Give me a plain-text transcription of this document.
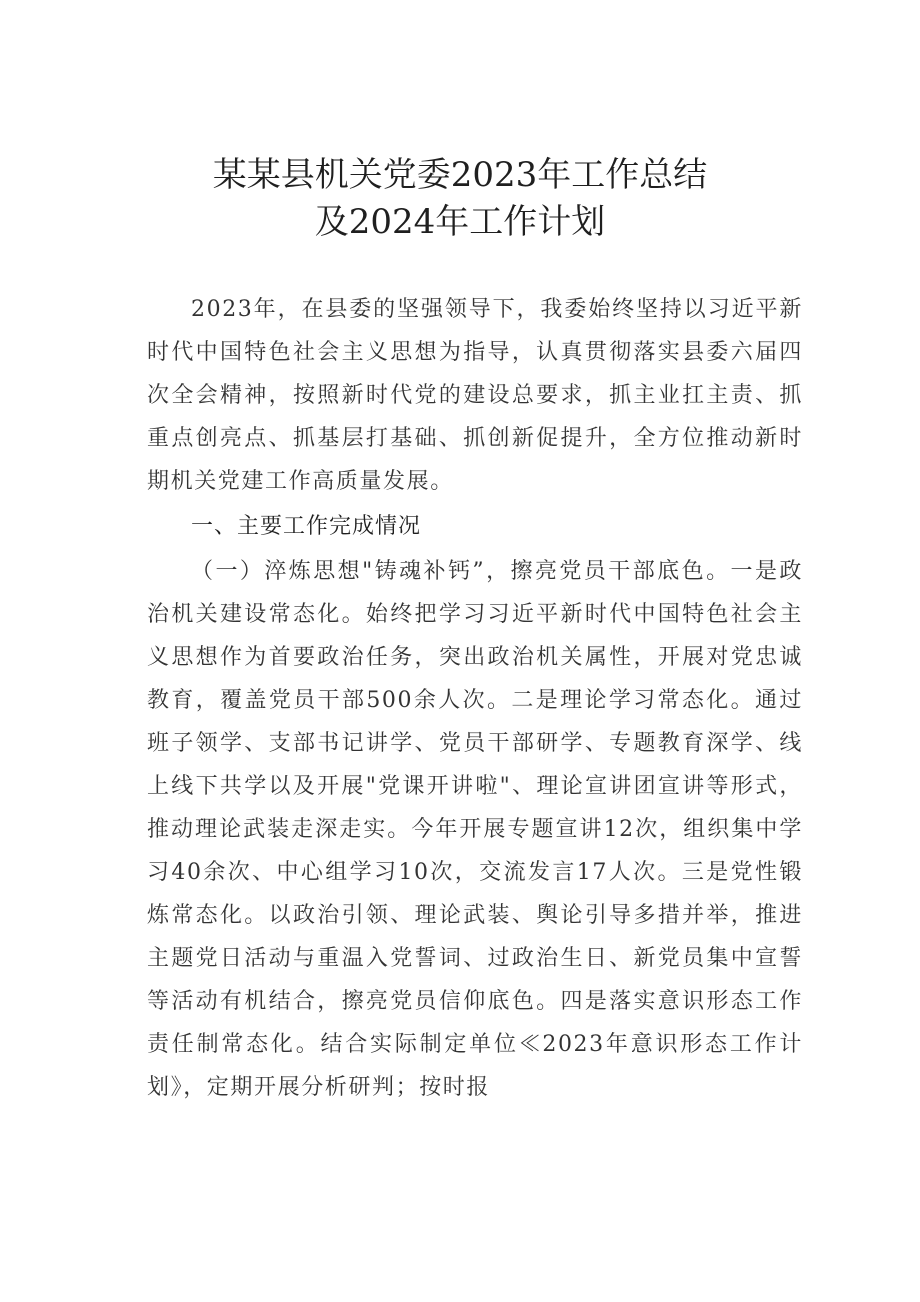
某某县机关党委2023年工作总结
及2024年工作计划

2023年，在县委的坚强领导下，我委始终坚持以习近平新时代中国特色社会主义思想为指导，认真贯彻落实县委六届四次全会精神，按照新时代党的建设总要求，抓主业扛主责、抓重点创亮点、抓基层打基础、抓创新促提升，全方位推动新时期机关党建工作高质量发展。

一、主要工作完成情况

（一）淬炼思想"铸魂补钙”，擦亮党员干部底色。一是政治机关建设常态化。始终把学习习近平新时代中国特色社会主义思想作为首要政治任务，突出政治机关属性，开展对党忠诚教育，覆盖党员干部500余人次。二是理论学习常态化。通过班子领学、支部书记讲学、党员干部研学、专题教育深学、线上线下共学以及开展"党课开讲啦"、理论宣讲团宣讲等形式，推动理论武装走深走实。今年开展专题宣讲12次，组织集中学习40余次、中心组学习10次，交流发言17人次。三是党性锻炼常态化。以政治引领、理论武装、舆论引导多措并举，推进主题党日活动与重温入党誓词、过政治生日、新党员集中宣誓等活动有机结合，擦亮党员信仰底色。四是落实意识形态工作责任制常态化。结合实际制定单位≪2023年意识形态工作计划》，定期开展分析研判；按时报
